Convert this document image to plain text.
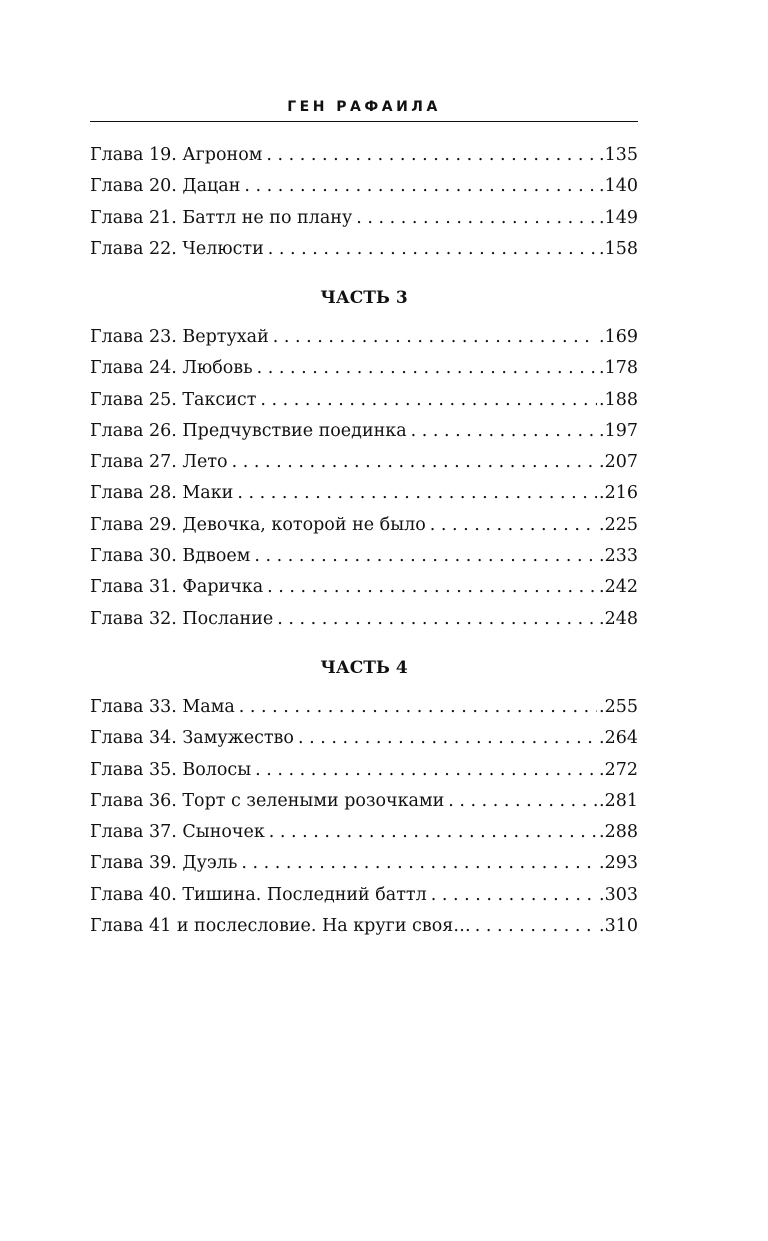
ГЕН РАФАИЛА
Глава 19. Агроном . . .	.135
Глава 20. Дацан . . .	.140
Глава 21. Баттл не по плану . . .	.149
Глава 22. Челюсти . . .	.158
ЧАСТЬ 3
Глава 23. Вертухай . . .	.169
Глава 24. Любовь . . .	.178
Глава 25. Таксист . . .	.188
Глава 26. Предчувствие поединка . . .	.197
Глава 27. Лето . . .	.207
Глава 28. Маки . . .	.216
Глава 29. Девочка, которой не было . . .	.225
Глава 30. Вдвоем . . .	.233
Глава 31. Фаричка . . .	.242
Глава 32. Послание . . .	.248
ЧАСТЬ 4
Глава 33. Мама . . .	.255
Глава 34. Замужество . . .	.264
Глава 35. Волосы . . .	.272
Глава 36. Торт с зелеными розочками . . .	.281
Глава 37. Сыночек . . .	.288
Глава 39. Дуэль . . .	.293
Глава 40. Тишина. Последний баттл . . .	.303
Глава 41 и послесловие. На круги своя… . . .	.310
